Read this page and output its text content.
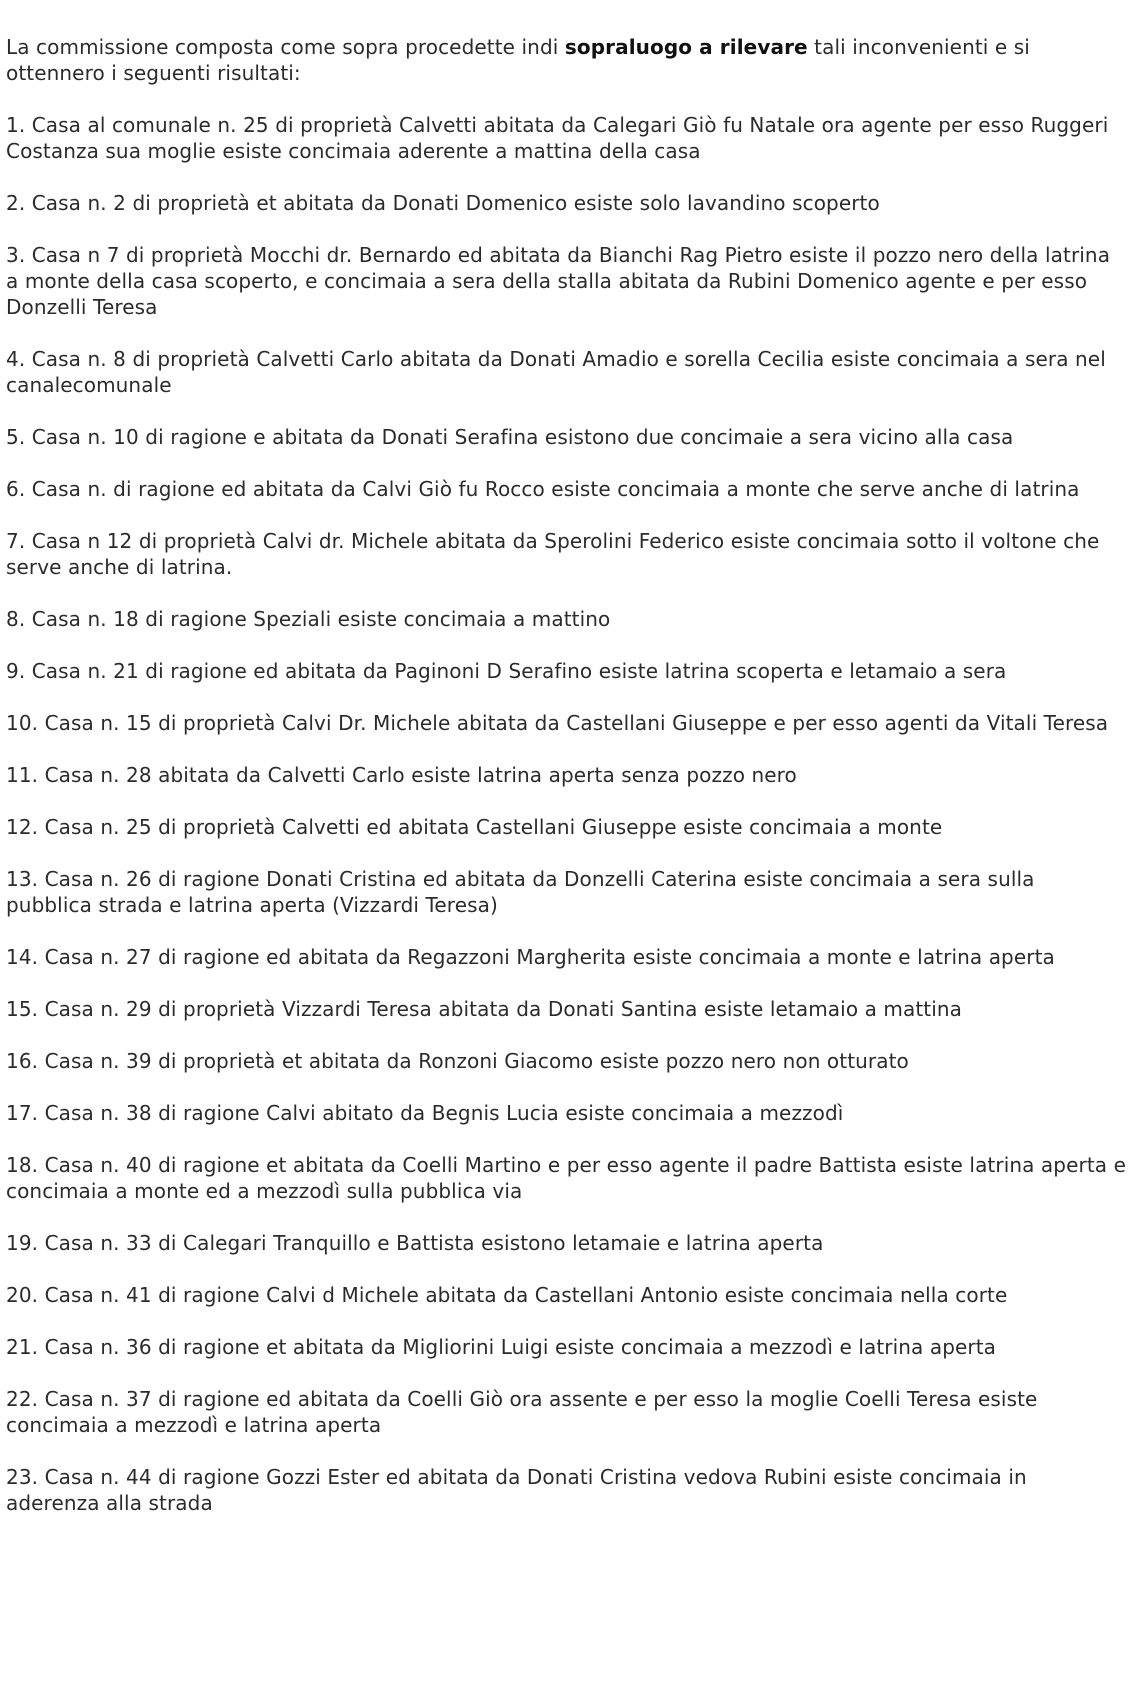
La commissione composta come sopra procedette indi sopraluogo a rilevare tali inconvenienti e si ottennero i seguenti risultati:

1. Casa al comunale n. 25 di proprietà Calvetti abitata da Calegari Giò fu Natale ora agente per esso Ruggeri Costanza sua moglie esiste concimaia aderente a mattina della casa

2. Casa n. 2 di proprietà et abitata da Donati Domenico esiste solo lavandino scoperto

3. Casa n 7 di proprietà Mocchi dr. Bernardo ed abitata da Bianchi Rag Pietro esiste il pozzo nero della latrina a monte della casa scoperto, e concimaia a sera della stalla abitata da Rubini Domenico agente e per esso Donzelli Teresa

4. Casa n. 8 di proprietà Calvetti Carlo abitata da Donati Amadio e sorella Cecilia esiste concimaia a sera nel canalecomunale

5. Casa n. 10 di ragione e abitata da Donati Serafina esistono due concimaie a sera vicino alla casa

6. Casa n. di ragione ed abitata da Calvi Giò fu Rocco esiste concimaia a monte che serve anche di latrina

7. Casa n 12 di proprietà Calvi dr. Michele abitata da Sperolini Federico esiste concimaia sotto il voltone che serve anche di latrina.

8. Casa n. 18 di ragione Speziali esiste concimaia a mattino

9. Casa n. 21 di ragione ed abitata da Paginoni D Serafino esiste latrina scoperta e letamaio a sera

10. Casa n. 15 di proprietà Calvi Dr. Michele abitata da Castellani Giuseppe e per esso agenti da Vitali Teresa

11. Casa n. 28 abitata da Calvetti Carlo esiste latrina aperta senza pozzo nero

12. Casa n. 25 di proprietà Calvetti ed abitata Castellani Giuseppe esiste concimaia a monte

13. Casa n. 26 di ragione Donati Cristina ed abitata da Donzelli Caterina esiste concimaia a sera sulla pubblica strada e latrina aperta (Vizzardi Teresa)

14. Casa n. 27 di ragione ed abitata da Regazzoni Margherita esiste concimaia a monte e latrina aperta

15. Casa n. 29 di proprietà Vizzardi Teresa abitata da Donati Santina esiste letamaio a mattina

16. Casa n. 39 di proprietà et abitata da Ronzoni Giacomo esiste pozzo nero non otturato

17. Casa n. 38 di ragione Calvi abitato da Begnis Lucia esiste concimaia a mezzodì

18. Casa n. 40 di ragione et abitata da Coelli Martino e per esso agente il padre Battista esiste latrina aperta e concimaia a monte ed a mezzodì sulla pubblica via

19. Casa n. 33 di Calegari Tranquillo e Battista esistono letamaie e latrina aperta

20. Casa n. 41 di ragione Calvi d Michele abitata da Castellani Antonio esiste concimaia nella corte

21. Casa n. 36 di ragione et abitata da Migliorini Luigi esiste concimaia a mezzodì e latrina aperta

22. Casa n. 37 di ragione ed abitata da Coelli Giò ora assente e per esso la moglie Coelli Teresa esiste concimaia a mezzodì e latrina aperta

23. Casa n. 44 di ragione Gozzi Ester ed abitata da Donati Cristina vedova Rubini esiste concimaia in aderenza alla strada
